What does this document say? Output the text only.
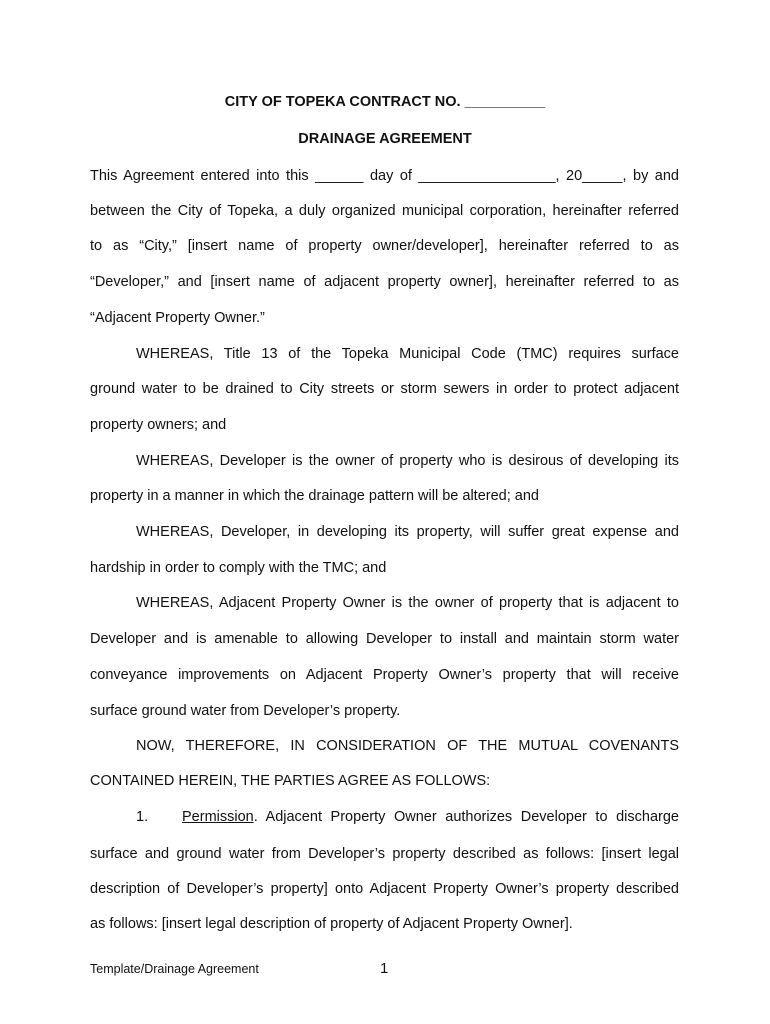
CITY OF TOPEKA CONTRACT NO. __________
DRAINAGE AGREEMENT
This Agreement entered into this ______ day of _________________, 20_____, by and
between the City of Topeka, a duly organized municipal corporation, hereinafter referred
to as “City,” [insert name of property owner/developer], hereinafter referred to as
“Developer,” and [insert name of adjacent property owner], hereinafter referred to as
“Adjacent Property Owner.”
WHEREAS, Title 13 of the Topeka Municipal Code (TMC) requires surface
ground water to be drained to City streets or storm sewers in order to protect adjacent
property owners; and
WHEREAS, Developer is the owner of property who is desirous of developing its
property in a manner in which the drainage pattern will be altered; and
WHEREAS, Developer, in developing its property, will suffer great expense and
hardship in order to comply with the TMC; and
WHEREAS, Adjacent Property Owner is the owner of property that is adjacent to
Developer and is amenable to allowing Developer to install and maintain storm water
conveyance improvements on Adjacent Property Owner’s property that will receive
surface ground water from Developer’s property.
NOW, THEREFORE, IN CONSIDERATION OF THE MUTUAL COVENANTS
CONTAINED HEREIN, THE PARTIES AGREE AS FOLLOWS:
1. Permission. Adjacent Property Owner authorizes Developer to discharge
surface and ground water from Developer’s property described as follows: [insert legal
description of Developer’s property] onto Adjacent Property Owner’s property described
as follows: [insert legal description of property of Adjacent Property Owner].
Template/Drainage Agreement	1
